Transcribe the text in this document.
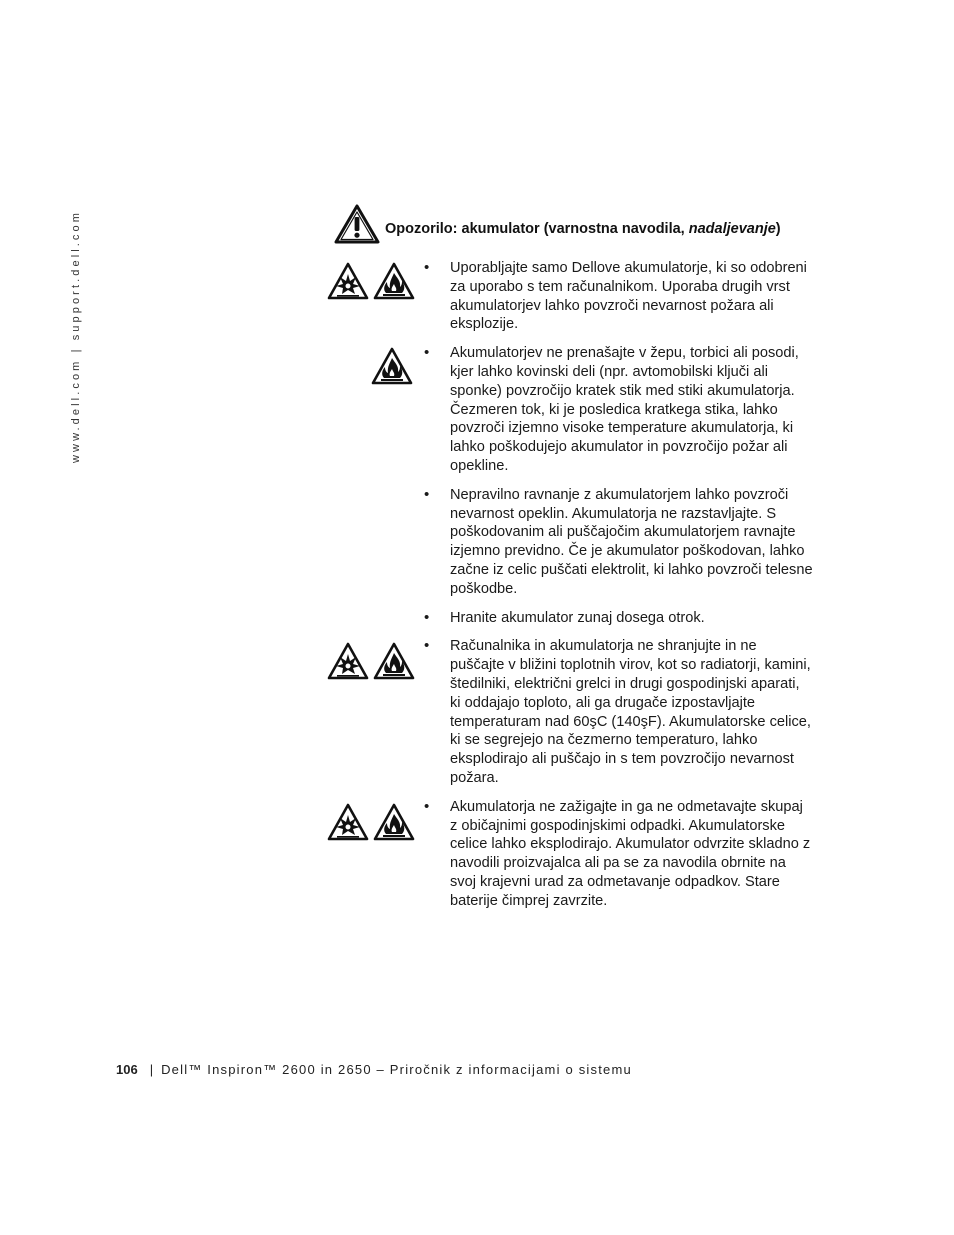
www.dell.com | support.dell.com	Opozorilo: akumulator (varnostna navodila, nadaljevanje)
•	Uporabljajte samo Dellove akumulatorje, ki so odobreni za uporabo s tem računalnikom. Uporaba drugih vrst akumulatorjev lahko povzroči nevarnost požara ali eksplozije.
•	Akumulatorjev ne prenašajte v žepu, torbici ali posodi, kjer lahko kovinski deli (npr. avtomobilski ključi ali sponke) povzročijo kratek stik med stiki akumulatorja. Čezmeren tok, ki je posledica kratkega stika, lahko povzroči izjemno visoke temperature akumulatorja, ki lahko poškodujejo akumulator in povzročijo požar ali opekline.
•	Nepravilno ravnanje z akumulatorjem lahko povzroči nevarnost opeklin. Akumulatorja ne razstavljajte. S poškodovanim ali puščajočim akumulatorjem ravnajte izjemno previdno. Če je akumulator poškodovan, lahko začne iz celic puščati elektrolit, ki lahko povzroči telesne poškodbe.
•	Hranite akumulator zunaj dosega otrok.
•	Računalnika in akumulatorja ne shranjujte in ne puščajte v bližini toplotnih virov, kot so radiatorji, kamini, štedilniki, električni grelci in drugi gospodinjski aparati, ki oddajajo toploto, ali ga drugače izpostavljajte temperaturam nad 60şC (140şF). Akumulatorske celice, ki se segrejejo na čezmerno temperaturo, lahko eksplodirajo ali puščajo in s tem povzročijo nevarnost požara.
•	Akumulatorja ne zažigajte in ga ne odmetavajte skupaj z običajnimi gospodinjskimi odpadki. Akumulatorske celice lahko eksplodirajo. Akumulator odvrzite skladno z navodili proizvajalca ali pa se za navodila obrnite na svoj krajevni urad za odmetavanje odpadkov. Stare baterije čimprej zavrzite.
106 | Dell™ Inspiron™ 2600 in 2650 – Priročnik z informacijami o sistemu
